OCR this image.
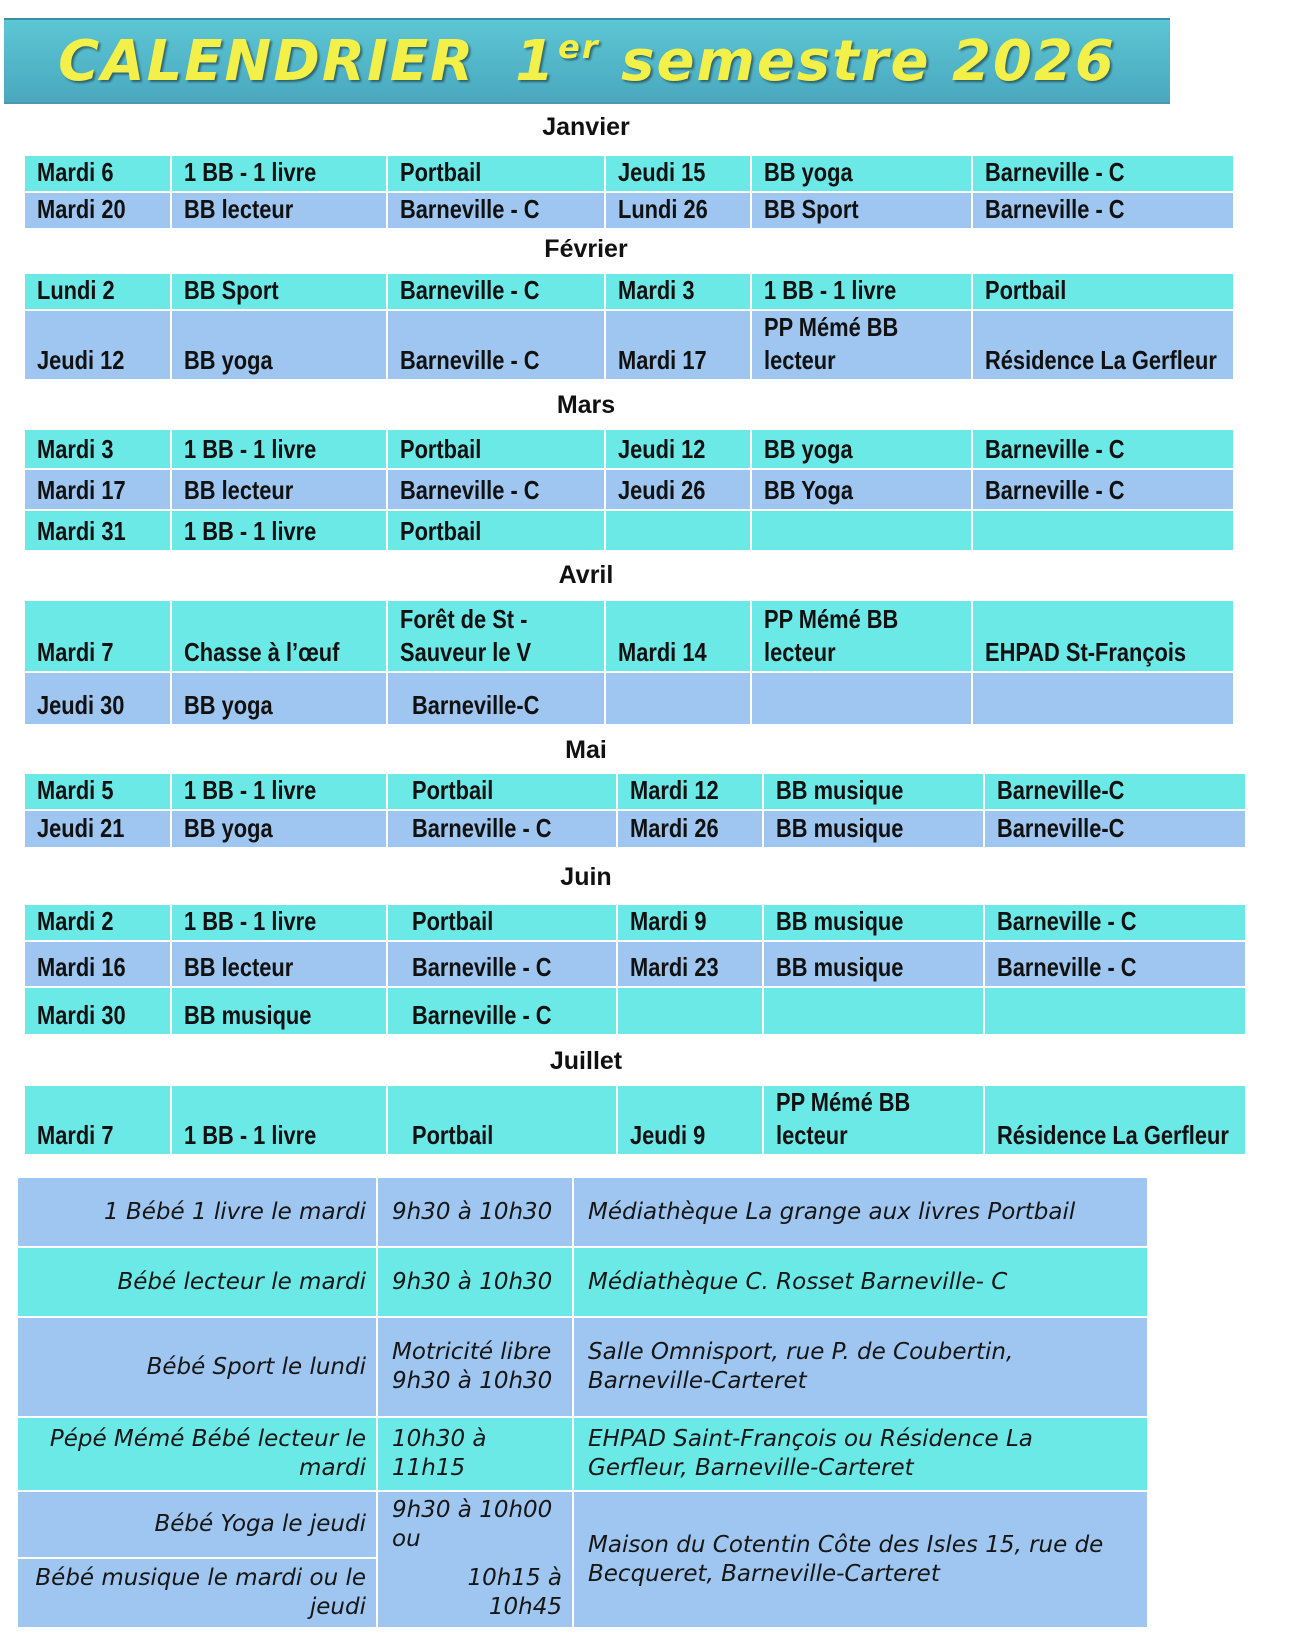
CALENDRIER 1er semestre 2026
Janvier
Mardi 6	1 BB - 1 livre	Portbail	Jeudi 15	BB yoga	Barneville - C
Mardi 20	BB lecteur	Barneville - C	Lundi 26	BB Sport	Barneville - C
Février
Lundi 2	BB Sport	Barneville - C	Mardi 3	1 BB - 1 livre	Portbail
Jeudi 12	BB yoga	Barneville - C	Mardi 17	PP Mémé BB lecteur	Résidence La Gerfleur
Mars
Mardi 3	1 BB - 1 livre	Portbail	Jeudi 12	BB yoga	Barneville - C
Mardi 17	BB lecteur	Barneville - C	Jeudi 26	BB Yoga	Barneville - C
Mardi 31	1 BB - 1 livre	Portbail			
Avril
Mardi 7	Chasse à l’œuf	Forêt de St - Sauveur le V	Mardi 14	PP Mémé BB lecteur	EHPAD St-François
Jeudi 30	BB yoga	Barneville-C			
Mai
Mardi 5	1 BB - 1 livre	Portbail	Mardi 12	BB musique	Barneville-C
Jeudi 21	BB yoga	Barneville - C	Mardi 26	BB musique	Barneville-C
Juin
Mardi 2	1 BB - 1 livre	Portbail	Mardi 9	BB musique	Barneville - C
Mardi 16	BB lecteur	Barneville - C	Mardi 23	BB musique	Barneville - C
Mardi 30	BB musique	Barneville - C			
Juillet
Mardi 7	1 BB - 1 livre	Portbail	Jeudi 9	PP Mémé BB lecteur	Résidence La Gerfleur
1 Bébé 1 livre le mardi	9h30 à 10h30	Médiathèque La grange aux livres Portbail
Bébé lecteur le mardi	9h30 à 10h30	Médiathèque C. Rosset Barneville- C
Bébé Sport le lundi	Motricité libre 9h30 à 10h30	Salle Omnisport, rue P. de Coubertin, Barneville-Carteret
Pépé Mémé Bébé lecteur le mardi	10h30 à 11h15	EHPAD Saint-François ou Résidence La Gerfleur, Barneville-Carteret
Bébé Yoga le jeudi	9h30 à 10h00 ou	Maison du Cotentin Côte des Isles 15, rue de Becqueret, Barneville-Carteret
Bébé musique le mardi ou le jeudi	10h15 à 10h45	
